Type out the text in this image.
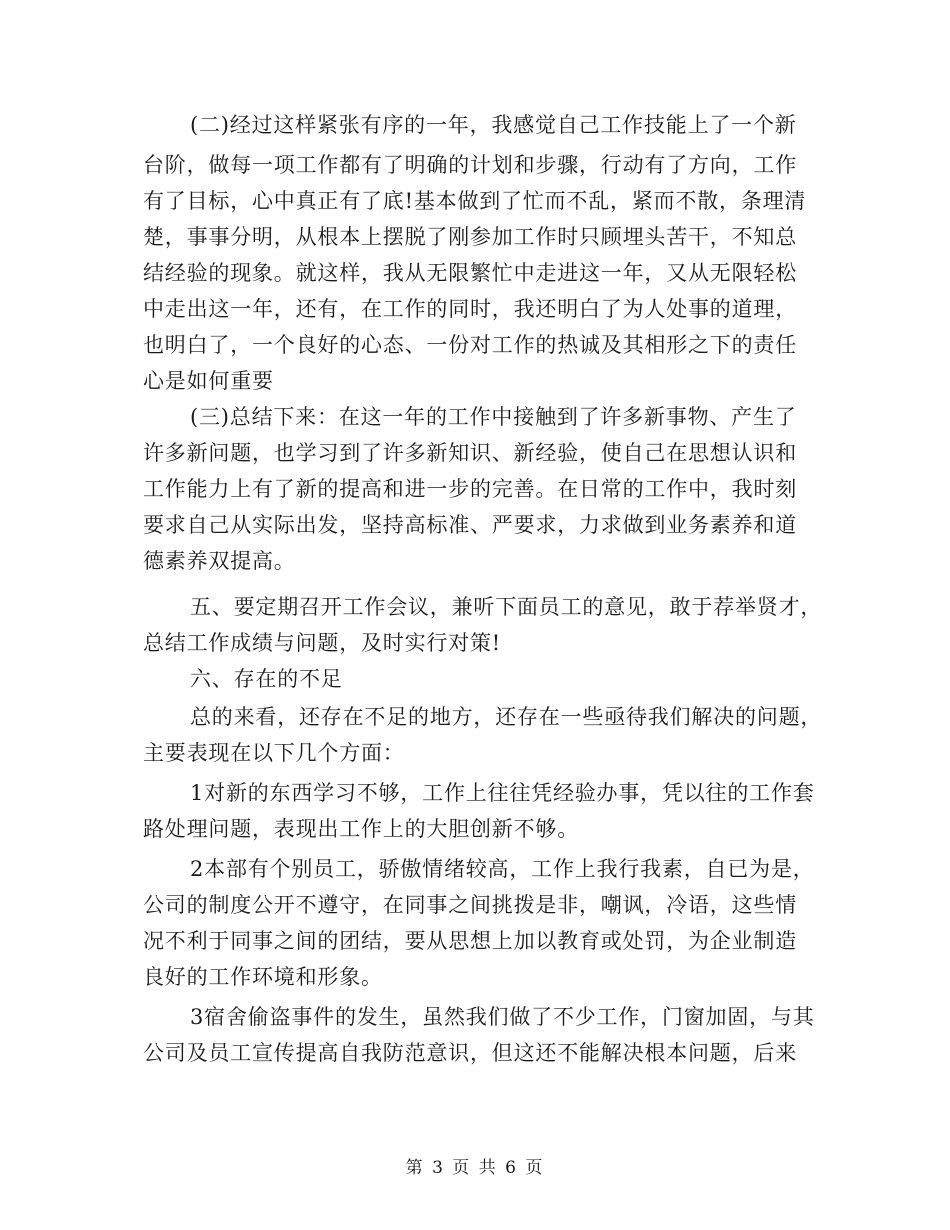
(二)经过这样紧张有序的一年，我感觉自己工作技能上了一个新
台阶，做每一项工作都有了明确的计划和步骤，行动有了方向，工作
有了目标，心中真正有了底!基本做到了忙而不乱，紧而不散，条理清
楚，事事分明，从根本上摆脱了刚参加工作时只顾埋头苦干，不知总
结经验的现象。就这样，我从无限繁忙中走进这一年，又从无限轻松
中走出这一年，还有，在工作的同时，我还明白了为人处事的道理，
也明白了，一个良好的心态、一份对工作的热诚及其相形之下的责任
心是如何重要
(三)总结下来：在这一年的工作中接触到了许多新事物、产生了
许多新问题，也学习到了许多新知识、新经验，使自己在思想认识和
工作能力上有了新的提高和进一步的完善。在日常的工作中，我时刻
要求自己从实际出发，坚持高标准、严要求，力求做到业务素养和道
德素养双提高。
五、要定期召开工作会议，兼听下面员工的意见，敢于荐举贤才，
总结工作成绩与问题，及时实行对策!
六、存在的不足
总的来看，还存在不足的地方，还存在一些亟待我们解决的问题，
主要表现在以下几个方面：
1对新的东西学习不够，工作上往往凭经验办事，凭以往的工作套
路处理问题，表现出工作上的大胆创新不够。
2本部有个别员工，骄傲情绪较高，工作上我行我素，自已为是，
公司的制度公开不遵守，在同事之间挑拨是非，嘲讽，冷语，这些情
况不利于同事之间的团结，要从思想上加以教育或处罚，为企业制造
良好的工作环境和形象。
3宿舍偷盗事件的发生，虽然我们做了不少工作，门窗加固，与其
公司及员工宣传提高自我防范意识，但这还不能解决根本问题，后来
第 3 页 共 6 页
